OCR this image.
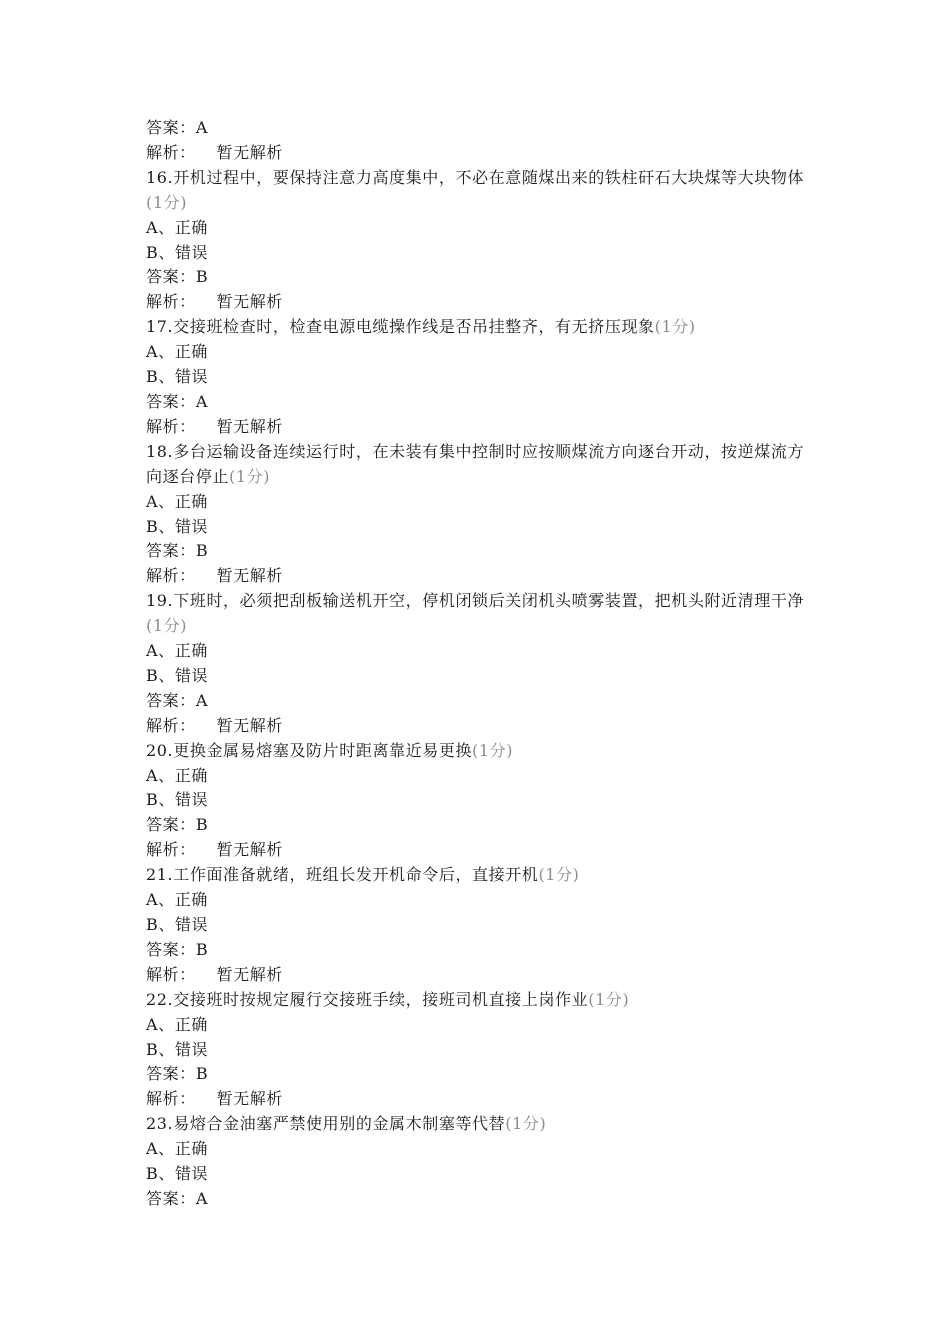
答案：A
解析： 暂无解析
16.开机过程中，要保持注意力高度集中，不必在意随煤出来的铁柱矸石大块煤等大块物体(1分)
A、正确
B、错误
答案：B
解析： 暂无解析
17.交接班检查时，检查电源电缆操作线是否吊挂整齐，有无挤压现象(1分)
A、正确
B、错误
答案：A
解析： 暂无解析
18.多台运输设备连续运行时，在未装有集中控制时应按顺煤流方向逐台开动，按逆煤流方向逐台停止(1分)
A、正确
B、错误
答案：B
解析： 暂无解析
19.下班时，必须把刮板输送机开空，停机闭锁后关闭机头喷雾装置，把机头附近清理干净(1分)
A、正确
B、错误
答案：A
解析： 暂无解析
20.更换金属易熔塞及防片时距离靠近易更换(1分)
A、正确
B、错误
答案：B
解析： 暂无解析
21.工作面准备就绪，班组长发开机命令后，直接开机(1分)
A、正确
B、错误
答案：B
解析： 暂无解析
22.交接班时按规定履行交接班手续，接班司机直接上岗作业(1分)
A、正确
B、错误
答案：B
解析： 暂无解析
23.易熔合金油塞严禁使用别的金属木制塞等代替(1分)
A、正确
B、错误
答案：A
